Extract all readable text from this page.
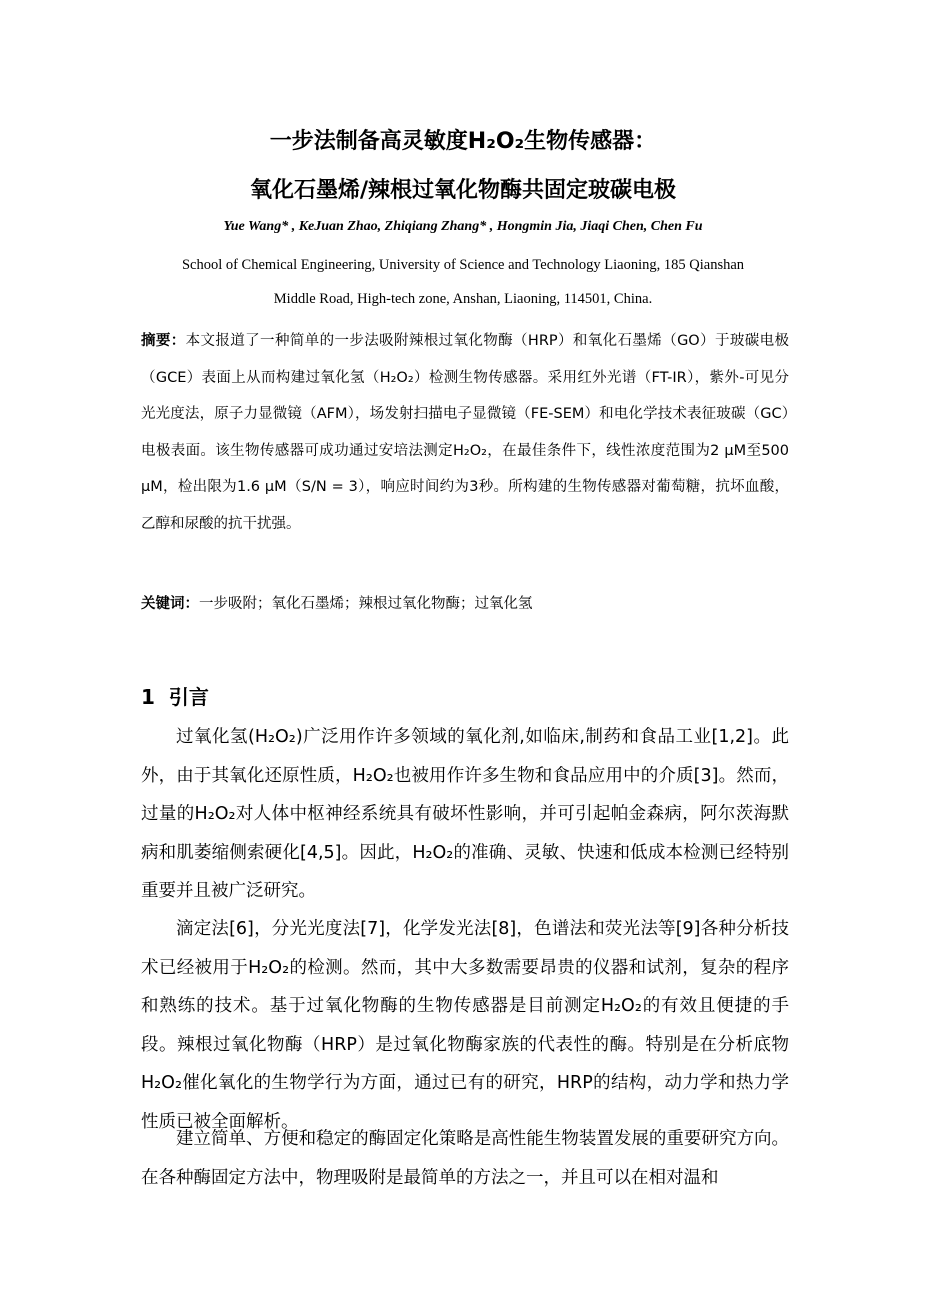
一步法制备高灵敏度H₂O₂生物传感器：
氧化石墨烯/辣根过氧化物酶共固定玻碳电极
Yue Wang* , KeJuan Zhao, Zhiqiang Zhang* , Hongmin Jia, Jiaqi Chen, Chen Fu
School of Chemical Engineering, University of Science and Technology Liaoning, 185 Qianshan
Middle Road, High-tech zone, Anshan, Liaoning, 114501, China.
摘要：本文报道了一种简单的一步法吸附辣根过氧化物酶（HRP）和氧化石墨烯（GO）于玻碳电极（GCE）表面上从而构建过氧化氢（H₂O₂）检测生物传感器。采用红外光谱（FT-IR），紫外-可见分光光度法，原子力显微镜（AFM），场发射扫描电子显微镜（FE-SEM）和电化学技术表征玻碳（GC）电极表面。该生物传感器可成功通过安培法测定H₂O₂，在最佳条件下，线性浓度范围为2 μM至500 μM，检出限为1.6 μM（S/N = 3），响应时间约为3秒。所构建的生物传感器对葡萄糖，抗坏血酸，乙醇和尿酸的抗干扰强。
关键词：一步吸附；氧化石墨烯；辣根过氧化物酶；过氧化氢
1 引言
过氧化氢(H₂O₂)广泛用作许多领域的氧化剂,如临床,制药和食品工业[1,2]。此外，由于其氧化还原性质，H₂O₂也被用作许多生物和食品应用中的介质[3]。然而，过量的H₂O₂对人体中枢神经系统具有破坏性影响，并可引起帕金森病，阿尔茨海默病和肌萎缩侧索硬化[4,5]。因此，H₂O₂的准确、灵敏、快速和低成本检测已经特别重要并且被广泛研究。
滴定法[6]，分光光度法[7]，化学发光法[8]，色谱法和荧光法等[9]各种分析技术已经被用于H₂O₂的检测。然而，其中大多数需要昂贵的仪器和试剂，复杂的程序和熟练的技术。基于过氧化物酶的生物传感器是目前测定H₂O₂的有效且便捷的手段。辣根过氧化物酶（HRP）是过氧化物酶家族的代表性的酶。特别是在分析底物H₂O₂催化氧化的生物学行为方面，通过已有的研究，HRP的结构，动力学和热力学性质已被全面解析。
建立简单、方便和稳定的酶固定化策略是高性能生物装置发展的重要研究方向。在各种酶固定方法中，物理吸附是最简单的方法之一，并且可以在相对温和
